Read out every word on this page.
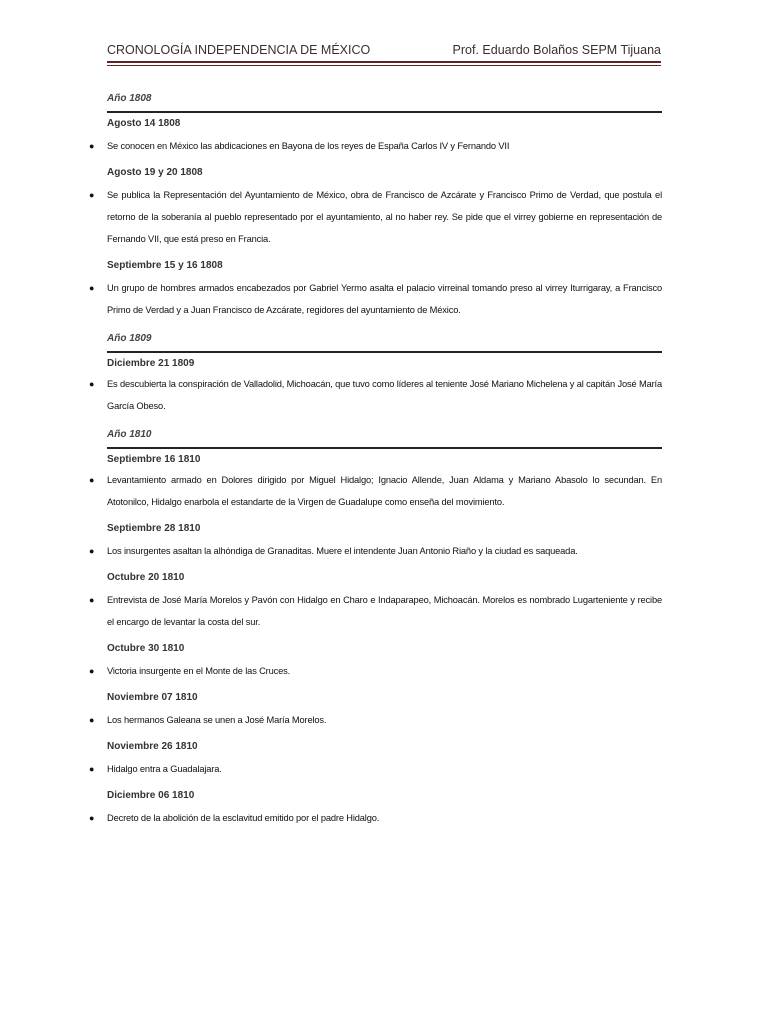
CRONOLOGÍA INDEPENDENCIA DE MÉXICO	Prof. Eduardo Bolaños SEPM Tijuana
Año 1808
Agosto 14 1808
● Se conocen en México las abdicaciones en Bayona de los reyes de España Carlos IV y Fernando VII
Agosto 19 y 20 1808
● Se publica la Representación del Ayuntamiento de México, obra de Francisco de Azcárate y Francisco Primo de Verdad, que postula el retorno de la soberanía al pueblo representado por el ayuntamiento, al no haber rey. Se pide que el virrey gobierne en representación de Fernando VII, que está preso en Francia.
Septiembre 15 y 16 1808
● Un grupo de hombres armados encabezados por Gabriel Yermo asalta el palacio virreinal tomando preso al virrey Iturrigaray, a Francisco Primo de Verdad y a Juan Francisco de Azcárate, regidores del ayuntamiento de México.
Año 1809
Diciembre 21 1809
● Es descubierta la conspiración de Valladolid, Michoacán, que tuvo como líderes al teniente José Mariano Michelena y al capitán José María García Obeso.
Año 1810
Septiembre 16 1810
● Levantamiento armado en Dolores dirigido por Miguel Hidalgo; Ignacio Allende, Juan Aldama y Mariano Abasolo lo secundan. En Atotonilco, Hidalgo enarbola el estandarte de la Virgen de Guadalupe como enseña del movimiento.
Septiembre 28 1810
● Los insurgentes asaltan la alhóndiga de Granaditas. Muere el intendente Juan Antonio Riaño y la ciudad es saqueada.
Octubre 20 1810
● Entrevista de José María Morelos y Pavón con Hidalgo en Charo e Indaparapeo, Michoacán. Morelos es nombrado Lugarteniente y recibe el encargo de levantar la costa del sur.
Octubre 30 1810
● Victoria insurgente en el Monte de las Cruces.
Noviembre 07 1810
● Los hermanos Galeana se unen a José María Morelos.
Noviembre 26 1810
● Hidalgo entra a Guadalajara.
Diciembre 06 1810
● Decreto de la abolición de la esclavitud emitido por el padre Hidalgo.
